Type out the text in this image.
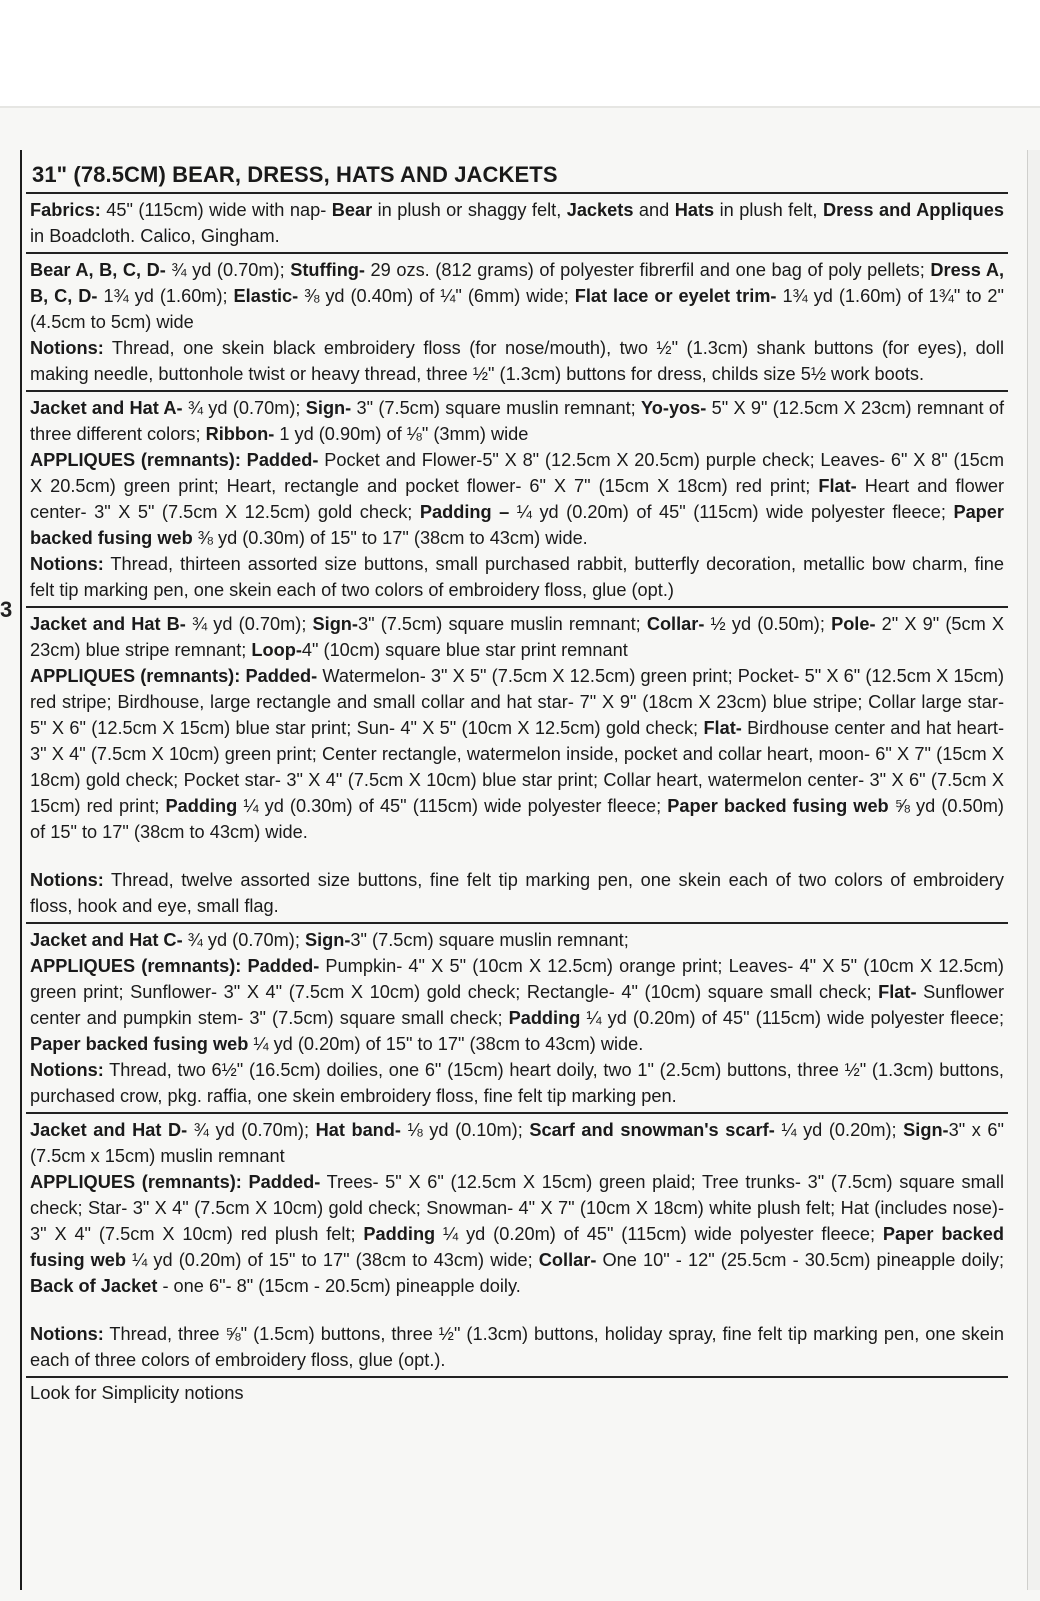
3
31" (78.5CM) BEAR, DRESS, HATS AND JACKETS
Fabrics: 45" (115cm) wide with nap- Bear in plush or shaggy felt, Jackets and Hats in plush felt, Dress and Appliques in Boadcloth. Calico, Gingham.
Bear A, B, C, D- ¾ yd (0.70m); Stuffing- 29 ozs. (812 grams) of polyester fibrerfil and one bag of poly pellets; Dress A, B, C, D- 1¾ yd (1.60m); Elastic- ⅜ yd (0.40m) of ¼" (6mm) wide; Flat lace or eyelet trim- 1¾ yd (1.60m) of 1¾" to 2" (4.5cm to 5cm) wide
Notions: Thread, one skein black embroidery floss (for nose/mouth), two ½" (1.3cm) shank buttons (for eyes), doll making needle, buttonhole twist or heavy thread, three ½" (1.3cm) buttons for dress, childs size 5½ work boots.
Jacket and Hat A- ¾ yd (0.70m); Sign- 3" (7.5cm) square muslin remnant; Yo-yos- 5" X 9" (12.5cm X 23cm) remnant of three different colors; Ribbon- 1 yd (0.90m) of ⅛" (3mm) wide
APPLIQUES (remnants): Padded- Pocket and Flower-5" X 8" (12.5cm X 20.5cm) purple check; Leaves- 6" X 8" (15cm X 20.5cm) green print; Heart, rectangle and pocket flower- 6" X 7" (15cm X 18cm) red print; Flat- Heart and flower center- 3" X 5" (7.5cm X 12.5cm) gold check; Padding – ¼ yd (0.20m) of 45" (115cm) wide polyester fleece; Paper backed fusing web ⅜ yd (0.30m) of 15" to 17" (38cm to 43cm) wide.
Notions: Thread, thirteen assorted size buttons, small purchased rabbit, butterfly decoration, metallic bow charm, fine felt tip marking pen, one skein each of two colors of embroidery floss, glue (opt.)
Jacket and Hat B- ¾ yd (0.70m); Sign-3" (7.5cm) square muslin remnant; Collar- ½ yd (0.50m); Pole- 2" X 9" (5cm X 23cm) blue stripe remnant; Loop-4" (10cm) square blue star print remnant
APPLIQUES (remnants): Padded- Watermelon- 3" X 5" (7.5cm X 12.5cm) green print; Pocket- 5" X 6" (12.5cm X 15cm) red stripe; Birdhouse, large rectangle and small collar and hat star- 7" X 9" (18cm X 23cm) blue stripe; Collar large star- 5" X 6" (12.5cm X 15cm) blue star print; Sun- 4" X 5" (10cm X 12.5cm) gold check; Flat- Birdhouse center and hat heart- 3" X 4" (7.5cm X 10cm) green print; Center rectangle, watermelon inside, pocket and collar heart, moon- 6" X 7" (15cm X 18cm) gold check; Pocket star- 3" X 4" (7.5cm X 10cm) blue star print; Collar heart, watermelon center- 3" X 6" (7.5cm X 15cm) red print; Padding ¼ yd (0.30m) of 45" (115cm) wide polyester fleece; Paper backed fusing web ⅝ yd (0.50m) of 15" to 17" (38cm to 43cm) wide.
Notions: Thread, twelve assorted size buttons, fine felt tip marking pen, one skein each of two colors of embroidery floss, hook and eye, small flag.
Jacket and Hat C- ¾ yd (0.70m); Sign-3" (7.5cm) square muslin remnant;
APPLIQUES (remnants): Padded- Pumpkin- 4" X 5" (10cm X 12.5cm) orange print; Leaves- 4" X 5" (10cm X 12.5cm) green print; Sunflower- 3" X 4" (7.5cm X 10cm) gold check; Rectangle- 4" (10cm) square small check; Flat- Sunflower center and pumpkin stem- 3" (7.5cm) square small check; Padding ¼ yd (0.20m) of 45" (115cm) wide polyester fleece; Paper backed fusing web ¼ yd (0.20m) of 15" to 17" (38cm to 43cm) wide.
Notions: Thread, two 6½" (16.5cm) doilies, one 6" (15cm) heart doily, two 1" (2.5cm) buttons, three ½" (1.3cm) buttons, purchased crow, pkg. raffia, one skein embroidery floss, fine felt tip marking pen.
Jacket and Hat D- ¾ yd (0.70m); Hat band- ⅛ yd (0.10m); Scarf and snowman's scarf- ¼ yd (0.20m); Sign-3" x 6" (7.5cm x 15cm) muslin remnant
APPLIQUES (remnants): Padded- Trees- 5" X 6" (12.5cm X 15cm) green plaid; Tree trunks- 3" (7.5cm) square small check; Star- 3" X 4" (7.5cm X 10cm) gold check; Snowman- 4" X 7" (10cm X 18cm) white plush felt; Hat (includes nose)- 3" X 4" (7.5cm X 10cm) red plush felt; Padding ¼ yd (0.20m) of 45" (115cm) wide polyester fleece; Paper backed fusing web ¼ yd (0.20m) of 15" to 17" (38cm to 43cm) wide; Collar- One 10" - 12" (25.5cm - 30.5cm) pineapple doily; Back of Jacket - one 6"- 8" (15cm - 20.5cm) pineapple doily.
Notions: Thread, three ⅝" (1.5cm) buttons, three ½" (1.3cm) buttons, holiday spray, fine felt tip marking pen, one skein each of three colors of embroidery floss, glue (opt.).
Look for Simplicity notions
